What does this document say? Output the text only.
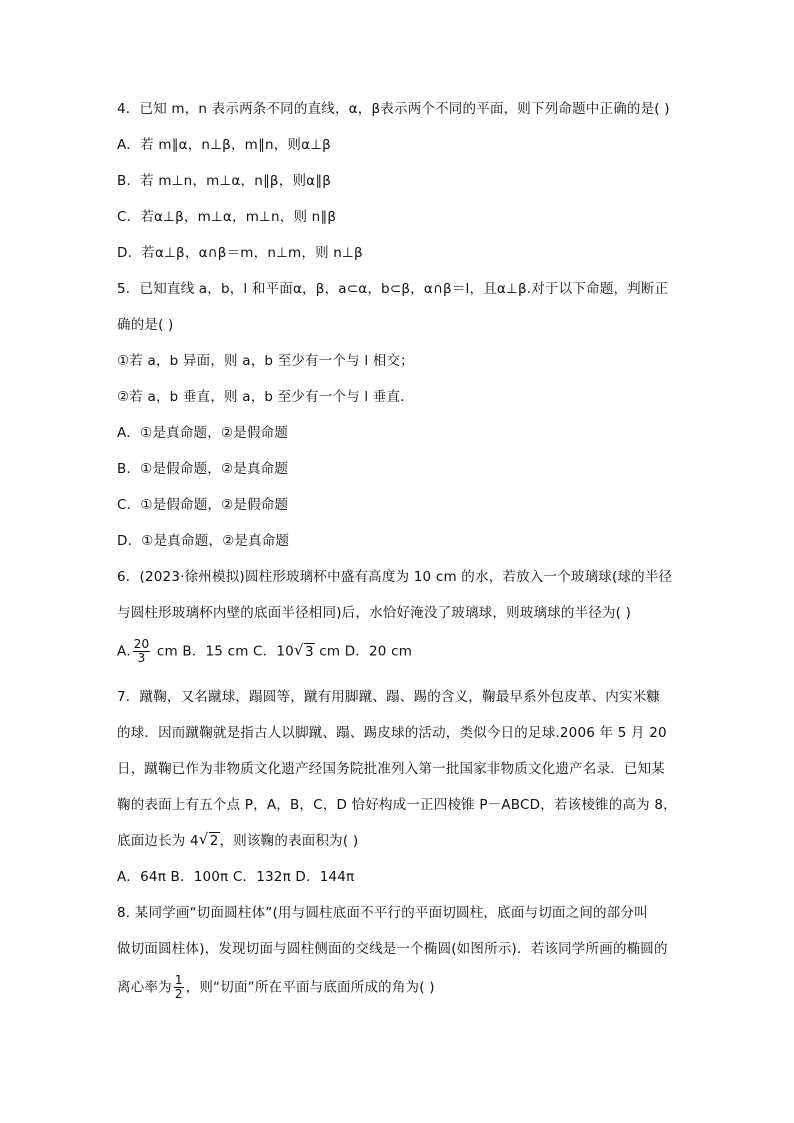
4．已知 m，n 表示两条不同的直线，α，β表示两个不同的平面，则下列命题中正确的是( )
A．若 m∥α，n⊥β，m∥n，则α⊥β
B．若 m⊥n，m⊥α，n∥β，则α∥β
C．若α⊥β，m⊥α，m⊥n，则 n∥β
D．若α⊥β，α∩β＝m，n⊥m，则 n⊥β
5．已知直线 a，b，l 和平面α，β，a⊂α，b⊂β，α∩β＝l，且α⊥β.对于以下命题，判断正
确的是( )
①若 a，b 异面，则 a，b 至少有一个与 l 相交；
②若 a，b 垂直，则 a，b 至少有一个与 l 垂直．
A．①是真命题，②是假命题
B．①是假命题，②是真命题
C．①是假命题，②是假命题
D．①是真命题，②是真命题
6．(2023·徐州模拟)圆柱形玻璃杯中盛有高度为 10 cm 的水，若放入一个玻璃球(球的半径
与圆柱形玻璃杯内壁的底面半径相同)后，水恰好淹没了玻璃球，则玻璃球的半径为( )
A. $\frac{20}{3}$ cm B．15 cm C．10 √ 3 cm D．20 cm
7．蹴鞠，又名蹴球，蹋圆等，蹴有用脚蹴、蹋、踢的含义，鞠最早系外包皮革、内实米糠
的球．因而蹴鞠就是指古人以脚蹴、蹋、踢皮球的活动，类似今日的足球.2006 年 5 月 20
日，蹴鞠已作为非物质文化遗产经国务院批准列入第一批国家非物质文化遗产名录．已知某
鞠的表面上有五个点 P，A，B，C，D 恰好构成一正四棱锥 P－ABCD，若该棱锥的高为 8，
底面边长为 4 √ 2，则该鞠的表面积为( )
A．64π B．100π C．132π D．144π
8. 某同学画“切面圆柱体”(用与圆柱底面不平行的平面切圆柱，底面与切面之间的部分叫
做切面圆柱体)，发现切面与圆柱侧面的交线是一个椭圆(如图所示)．若该同学所画的椭圆的
离心率为 $\frac{1}{2}$ ，则“切面”所在平面与底面所成的角为( )
